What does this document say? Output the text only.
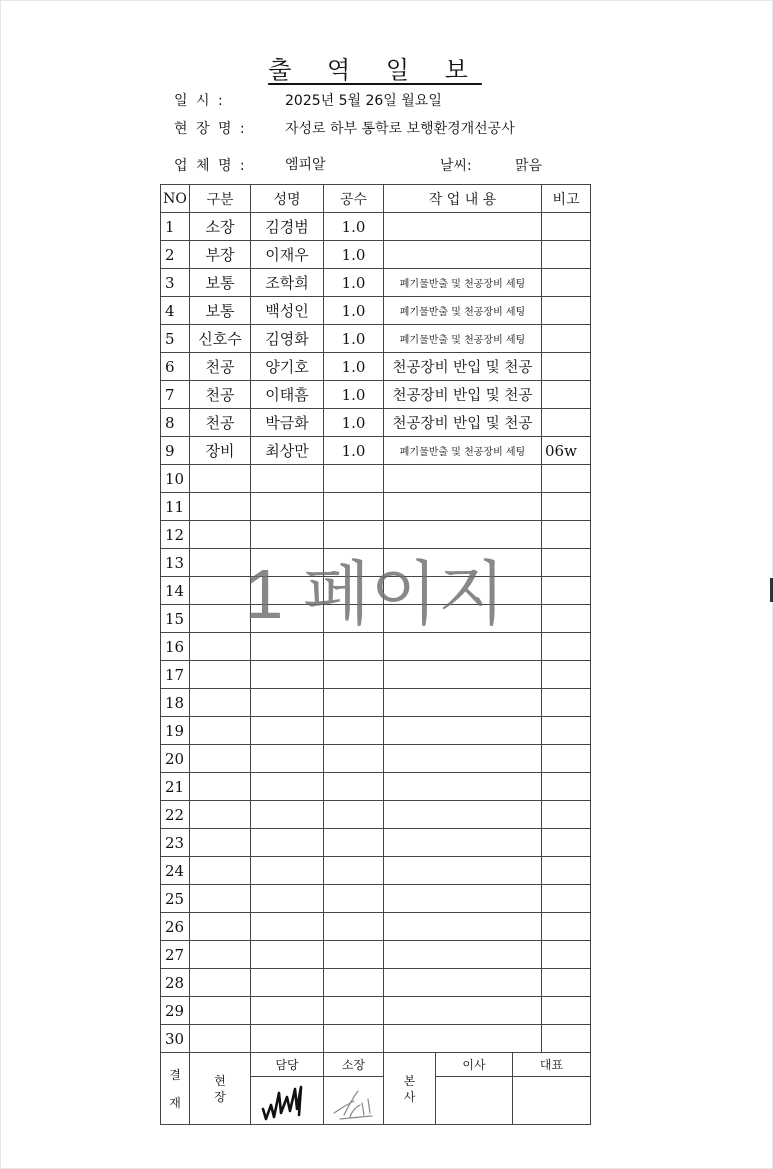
출 역 일 보
일 시 :	2025년 5월 26일 월요일
현 장 명 :	자성로 하부 통학로 보행환경개선공사
업 체 명 :	엠피알	날씨:	맑음
NO	구분	성명	공수	작 업 내 용	비고
1	소장	김경범	1.0		
2	부장	이재우	1.0		
3	보통	조학희	1.0	폐기물반출 및 천공장비 세팅	
4	보통	백성인	1.0	폐기물반출 및 천공장비 세팅	
5	신호수	김영화	1.0	폐기물반출 및 천공장비 세팅	
6	천공	양기호	1.0	천공장비 반입 및 천공	
7	천공	이태흠	1.0	천공장비 반입 및 천공	
8	천공	박금화	1.0	천공장비 반입 및 천공	
9	장비	최상만	1.0	폐기물반출 및 천공장비 세팅	06w
10					
11					
12					
13					
14					
15					
16					
17					
18					
19					
20					
21					
22					
23					
24					
25					
26					
27					
28					
29					
30					
1 페이지
결재	현장	담당	소장	본사	이사	대표
